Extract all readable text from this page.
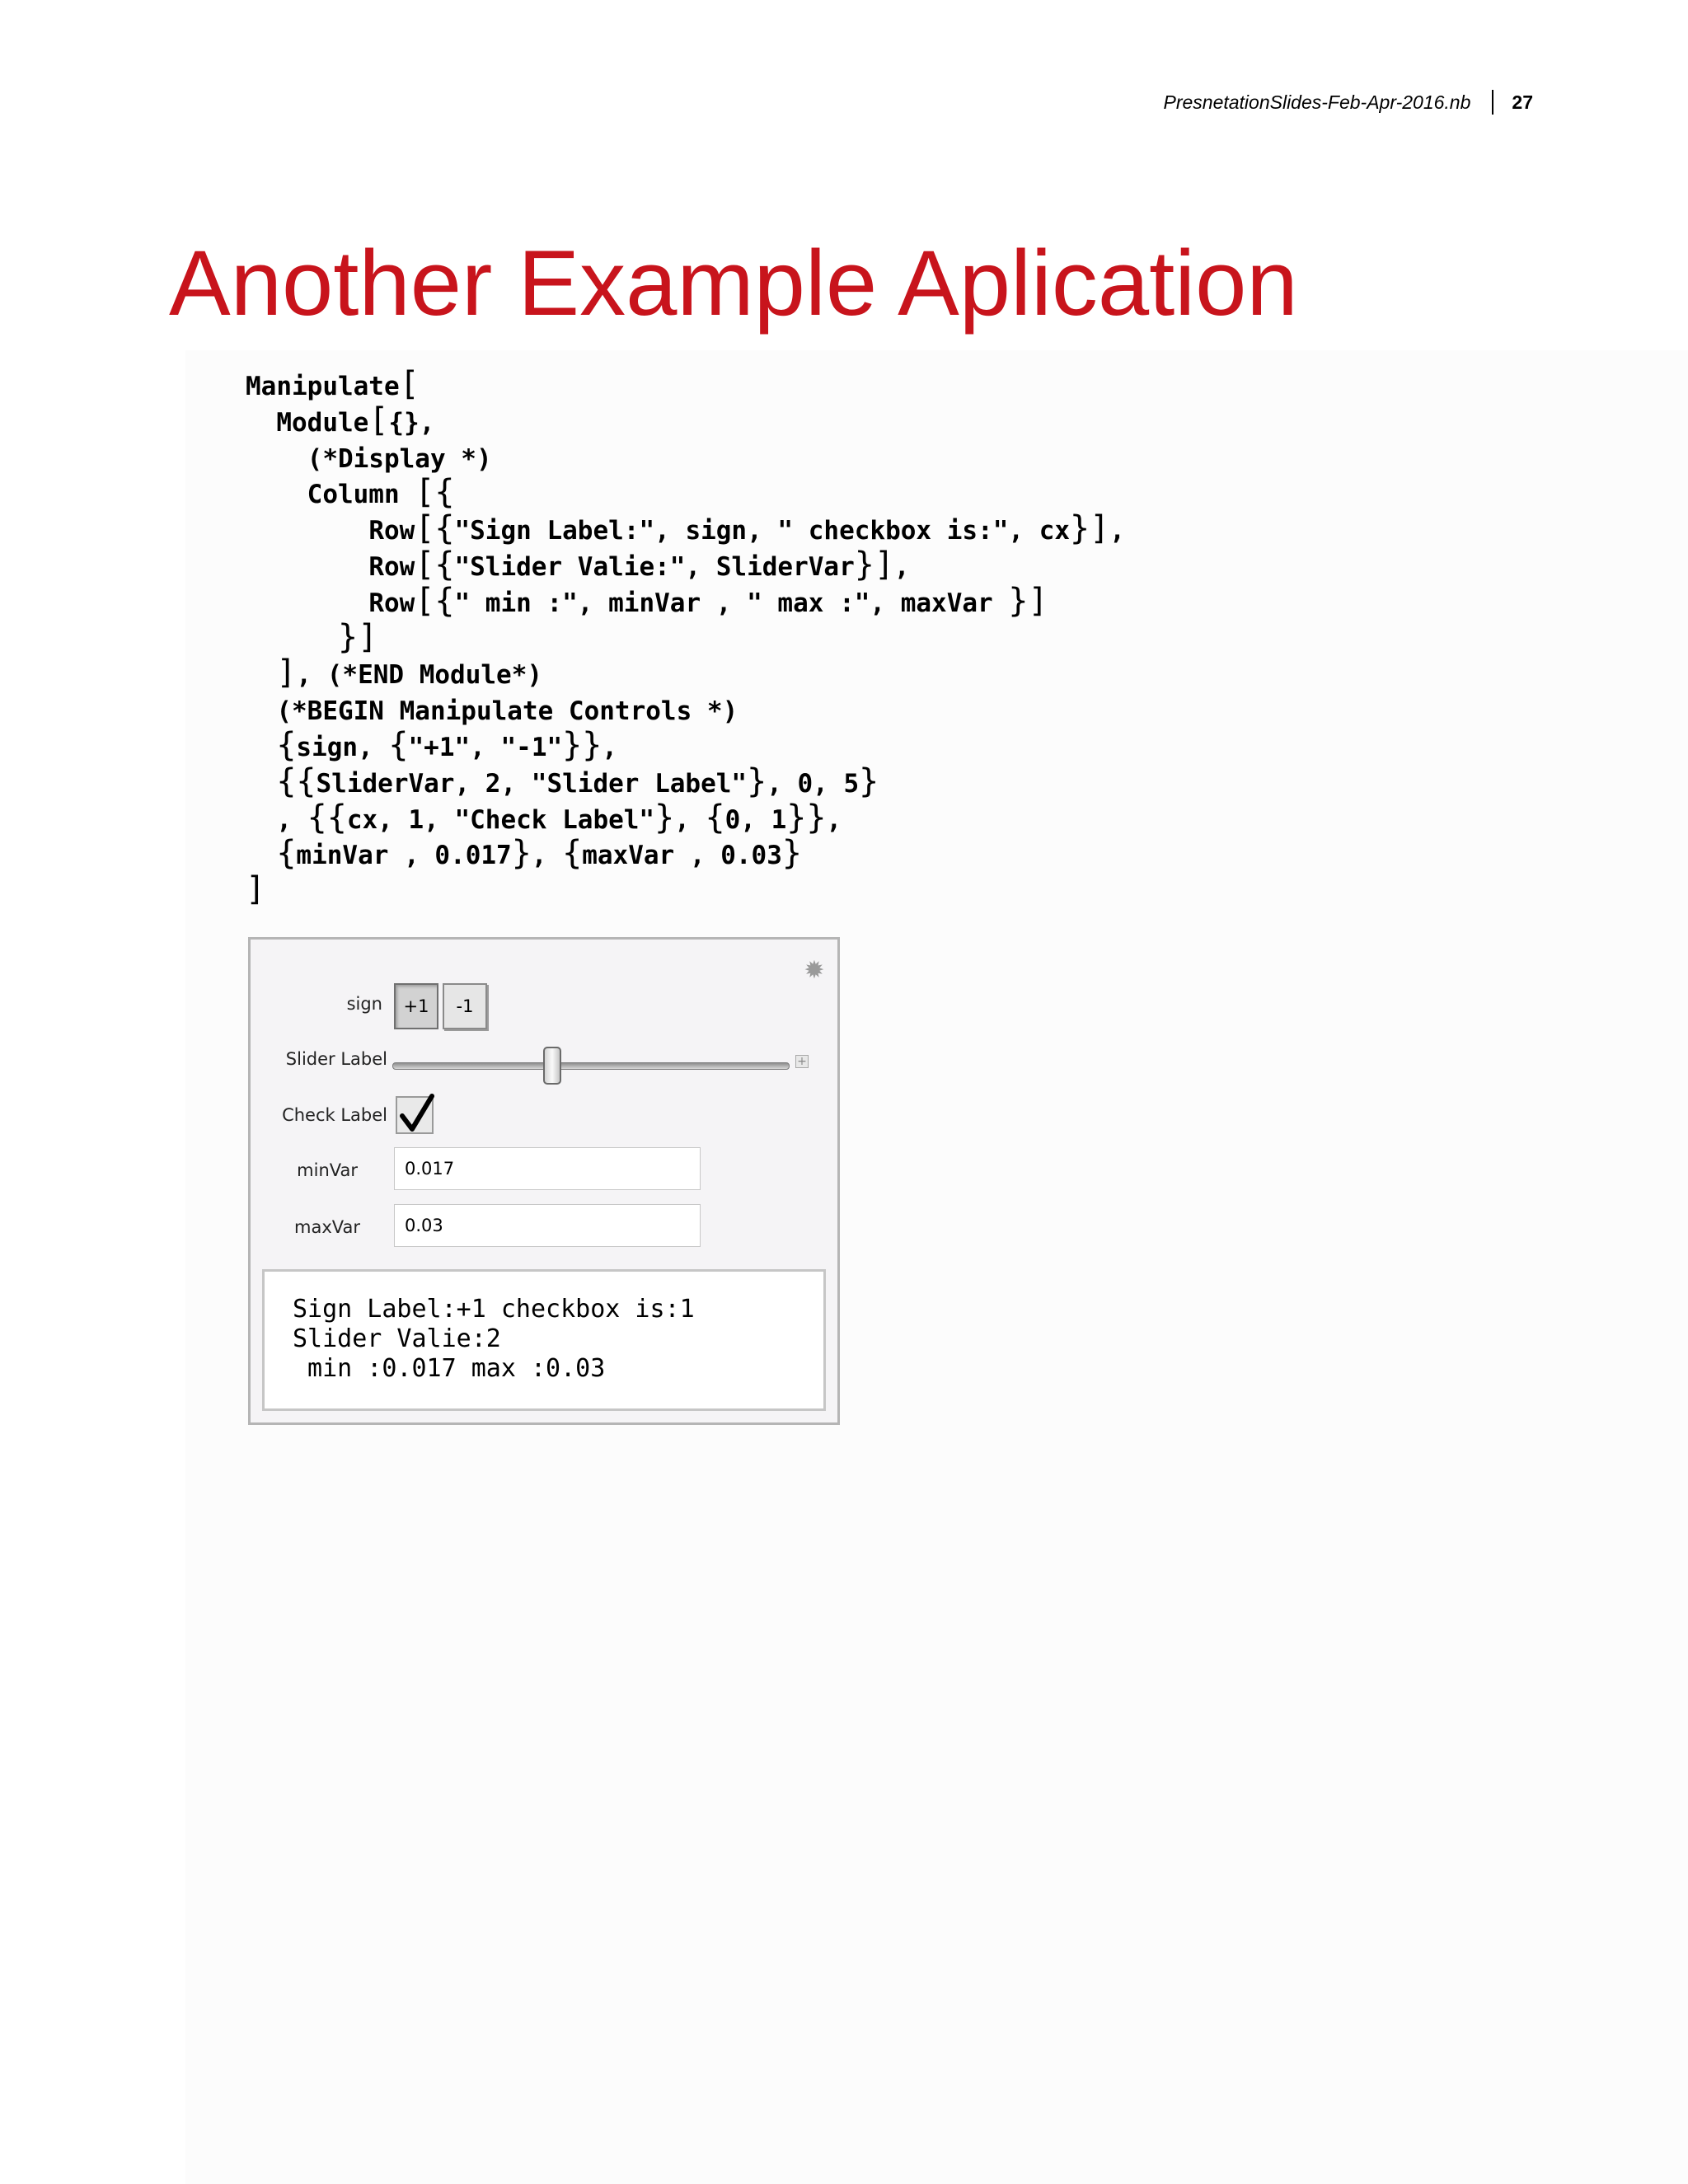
PresnetationSlides-Feb-Apr-2016.nb 27
Another Example Aplication
Manipulate[
Module[{},
(*Display *)
Column [{
Row[{"Sign Label:", sign, " checkbox is:", cx}],
Row[{"Slider Valie:", SliderVar}],
Row[{" min :", minVar , " max :", maxVar }]
}]
], (*END Module*)
(*BEGIN Manipulate Controls *)
{sign, {"+1", "-1"}},
{{SliderVar, 2, "Slider Label"}, 0, 5}
, {{cx, 1, "Check Label"}, {0, 1}},
{minVar , 0.017}, {maxVar , 0.03}
]
✹
sign	+1	-1
Slider Label	+
Check Label
minVar	0.017
maxVar	0.03
Sign Label:+1 checkbox is:1
Slider Valie:2
min :0.017 max :0.03
